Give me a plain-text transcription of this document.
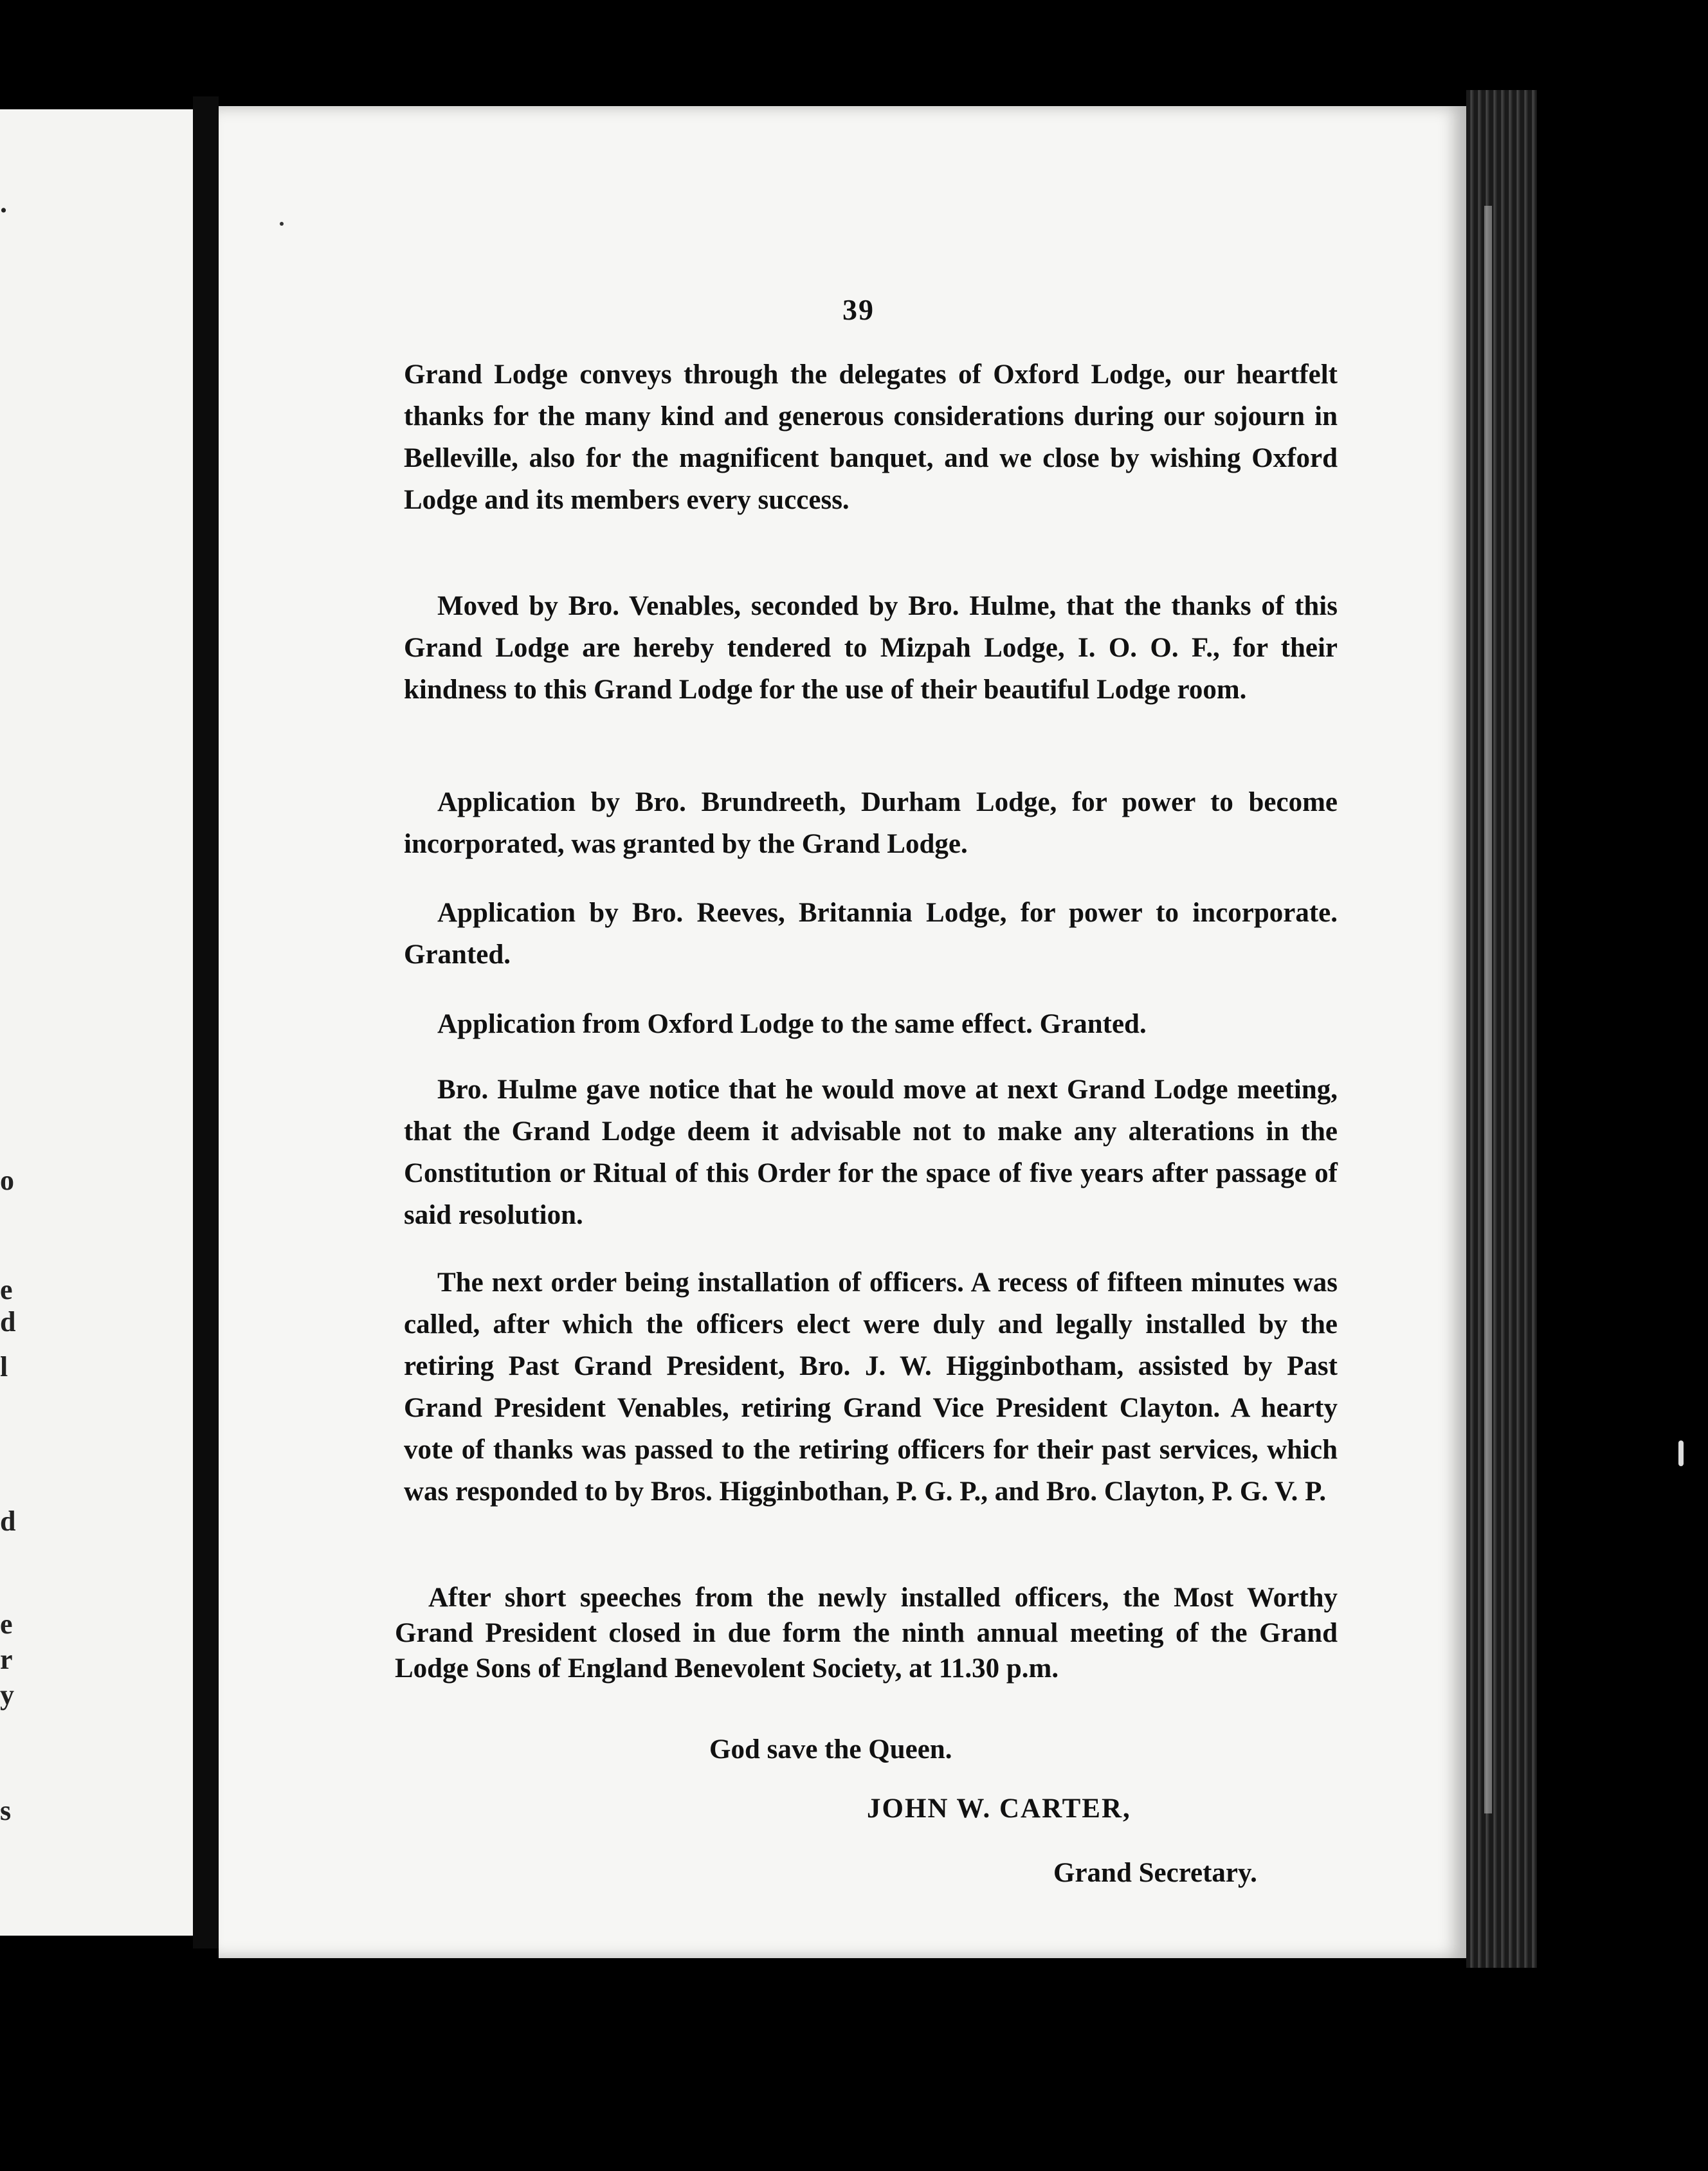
.
o
e
d
l
d
e
r
y
s
39

Grand Lodge conveys through the delegates of Oxford Lodge, our heartfelt thanks for the many kind and generous considerations during our sojourn in Belleville, also for the magnificent banquet, and we close by wishing Oxford Lodge and its members every success.

Moved by Bro. Venables, seconded by Bro. Hulme, that the thanks of this Grand Lodge are hereby tendered to Mizpah Lodge, I. O. O. F., for their kindness to this Grand Lodge for the use of their beautiful Lodge room.

Application by Bro. Brundreeth, Durham Lodge, for power to become incorporated, was granted by the Grand Lodge.

Application by Bro. Reeves, Britannia Lodge, for power to incorporate. Granted.

Application from Oxford Lodge to the same effect. Granted.

Bro. Hulme gave notice that he would move at next Grand Lodge meeting, that the Grand Lodge deem it advisable not to make any alterations in the Constitution or Ritual of this Order for the space of five years after passage of said resolution.

The next order being installation of officers. A recess of fifteen minutes was called, after which the officers elect were duly and legally installed by the retiring Past Grand President, Bro. J. W. Higginbotham, assisted by Past Grand President Venables, retiring Grand Vice President Clayton. A hearty vote of thanks was passed to the retiring officers for their past services, which was responded to by Bros. Higginbothan, P. G. P., and Bro. Clayton, P. G. V. P.

After short speeches from the newly installed officers, the Most Worthy Grand President closed in due form the ninth annual meeting of the Grand Lodge Sons of England Benevolent Society, at 11.30 p.m.

God save the Queen.
JOHN W. CARTER,
Grand Secretary.
